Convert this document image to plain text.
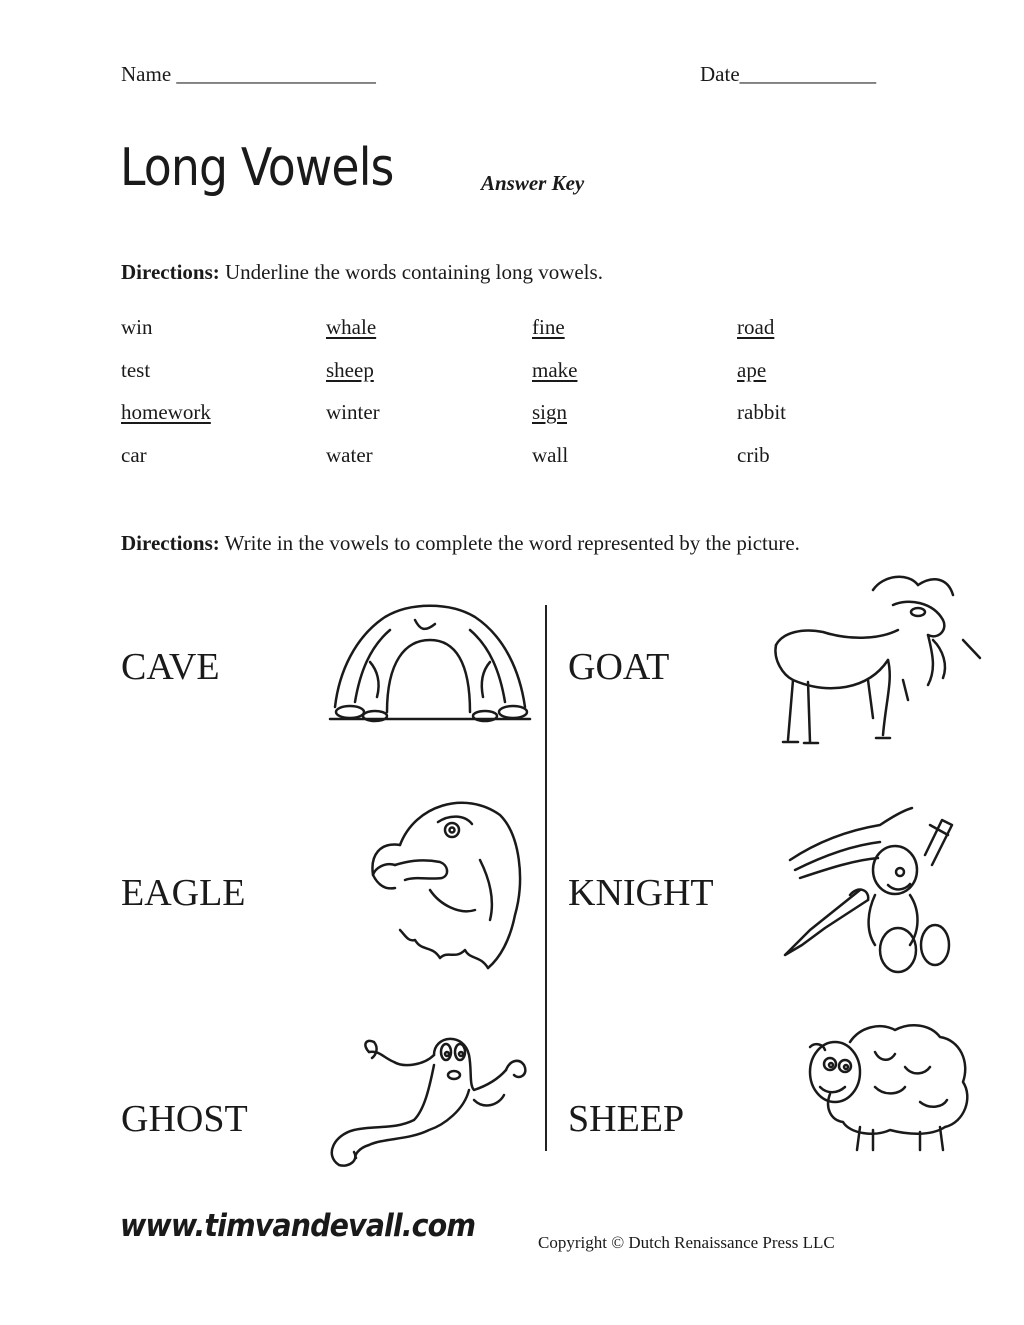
Name ___________________	Date_____________
Long Vowels	Answer Key
Directions: Underline the words containing long vowels.
win	whale	fine	road
test	sheep	make	ape
homework	winter	sign	rabbit
car	water	wall	crib
Directions: Write in the vowels to complete the word represented by the picture.
CAVE	GOAT
EAGLE	KNIGHT
GHOST	SHEEP
www.timvandevall.com	Copyright © Dutch Renaissance Press LLC
